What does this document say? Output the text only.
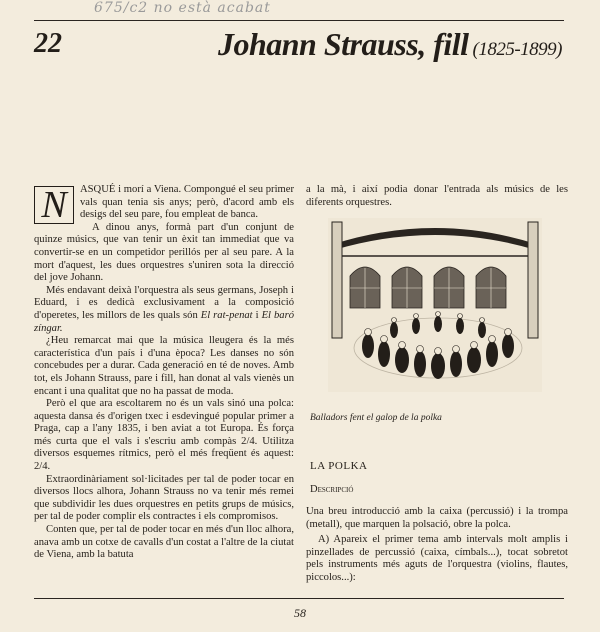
675/c2 no està acabat
22	Johann Strauss, fill (1825-1899)

N	ASQUÉ i morí a Viena. Compongué el seu primer vals quan tenia sis anys; però, d'acord amb els desigs del seu pare, fou empleat de banca.

A dinou anys, formà part d'un conjunt de quinze músics, que van tenir un èxit tan immediat que va convertir-se en un competidor perillós per al seu pare. A la mort d'aquest, les dues orquestres s'uniren sota la direcció del jove Johann.

Més endavant deixà l'orquestra als seus germans, Joseph i Eduard, i es dedicà exclusivament a la composició d'operetes, les millors de les quals són El rat-penat i El baró zíngar.

¿Heu remarcat mai que la música lleugera és la més característica d'un país i d'una època? Les danses no són concebudes per a durar. Cada generació en té de noves. Amb tot, els Johann Strauss, pare i fill, han donat al vals vienès un encant i una qualitat que no ha passat de moda.

Però el que ara escoltarem no és un vals sinó una polca: aquesta dansa és d'origen txec i esdevingué popular primer a Praga, cap a l'any 1835, i ben aviat a tot Europa. És força més curta que el vals i s'escriu amb compàs 2/4. Utilitza diversos esquemes rítmics, però el més freqüent és aquest: 2/4.

Extraordinàriament sol·licitades per tal de poder tocar en diversos llocs alhora, Johann Strauss no va tenir més remei que subdividir les dues orquestres en petits grups de músics, per tal de poder complir els contractes i els compromisos.

Conten que, per tal de poder tocar en més d'un lloc alhora, anava amb un cotxe de cavalls d'un costat a l'altre de la ciutat de Viena, amb la batuta

a la mà, i així podia donar l'entrada als músics de les diferents orquestres.

Balladors fent el galop de la polka
LA POLKA
Descripció

Una breu introducció amb la caixa (percussió) i la trompa (metall), que marquen la polsació, obre la polca.

A) Apareix el primer tema amb intervals molt amplis i pinzellades de percussió (caixa, címbals...), tocat sobretot pels instruments més aguts de l'orquestra (violins, flautes, piccolos...):

58
